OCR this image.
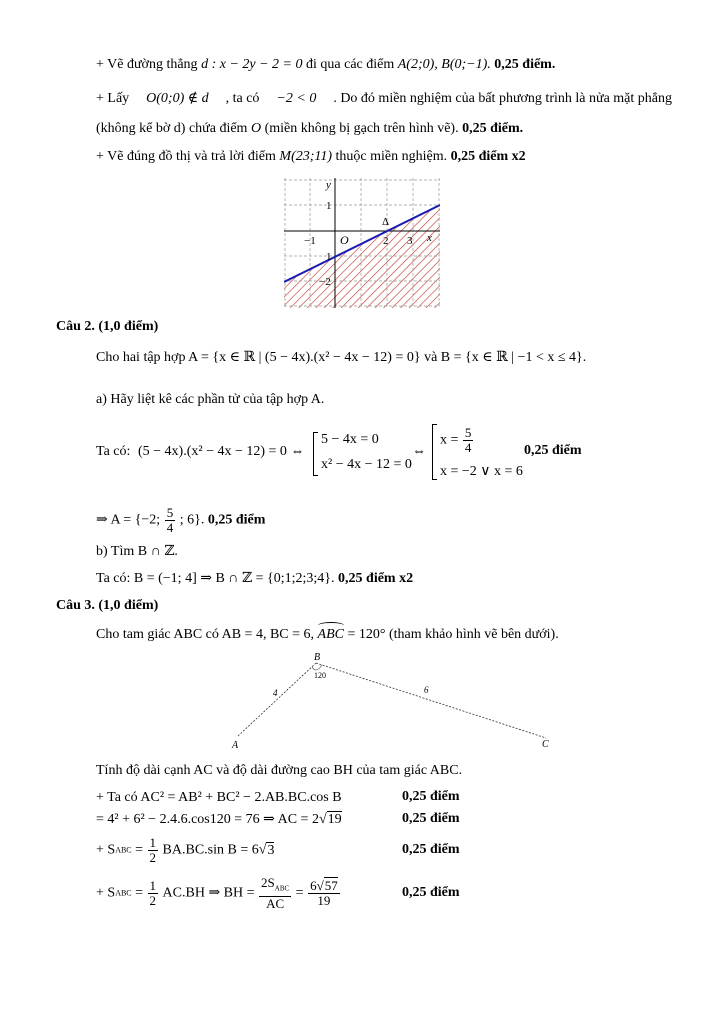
+ Vẽ đường thẳng d : x − 2y − 2 = 0 đi qua các điểm A(2;0), B(0;−1). 0,25 điểm.
+ Lấy O(0;0) ∉ d , ta có −2 < 0 . Do đó miền nghiệm của bất phương trình là nửa mặt phẳng
(không kể bờ d) chứa điểm O (miền không bị gạch trên hình vẽ). 0,25 điểm.
+ Vẽ đúng đồ thị và trả lời điểm M(23;11) thuộc miền nghiệm. 0,25 điểm x2
y
x
O
Δ
−1	2 3
1
1
−2
Câu 2. (1,0 điểm)
Cho hai tập hợp A = {x ∈ ℝ | (5 − 4x).(x² − 4x − 12) = 0} và B = {x ∈ ℝ | −1 < x ≤ 4}.
a) Hãy liệt kê các phần tử của tập hợp A.
Ta có: (5 − 4x).(x² − 4x − 12) = 0 ⇔
5 − 4x = 0
x² − 4x − 12 = 0
⇔
$x = \frac{5}{4}$
x = −2 ∨ x = 6
0,25 điểm
⇒ A = {−2; $\frac{5}{4}$ ; 6}. 0,25 điểm
b) Tìm B ∩ ℤ.
Ta có: B = (−1; 4] ⇒ B ∩ ℤ = {0;1;2;3;4}. 0,25 điểm x2
Câu 3. (1,0 điểm)
Cho tam giác ABC có AB = 4, BC = 6, ABC = 120° (tham khảo hình vẽ bên dưới).
A
B
C
4	6
120
Tính độ dài cạnh AC và độ dài đường cao BH của tam giác ABC.
+ Ta có AC² = AB² + BC² − 2.AB.BC.cos B	0,25 điểm
= 4² + 6² − 2.4.6.cos120 = 76 ⇒ AC = 2√19	0,25 điểm
+ SABC = $\frac{1}{2} BA.BC.\sin$ B = 6√3	0,25 điểm
+ SABC = $\frac{1}{2} AC.BH$ ⇒ BH = $\frac{2S_{ABC}}{AC} = \frac{6√57}{19}$	0,25 điểm
